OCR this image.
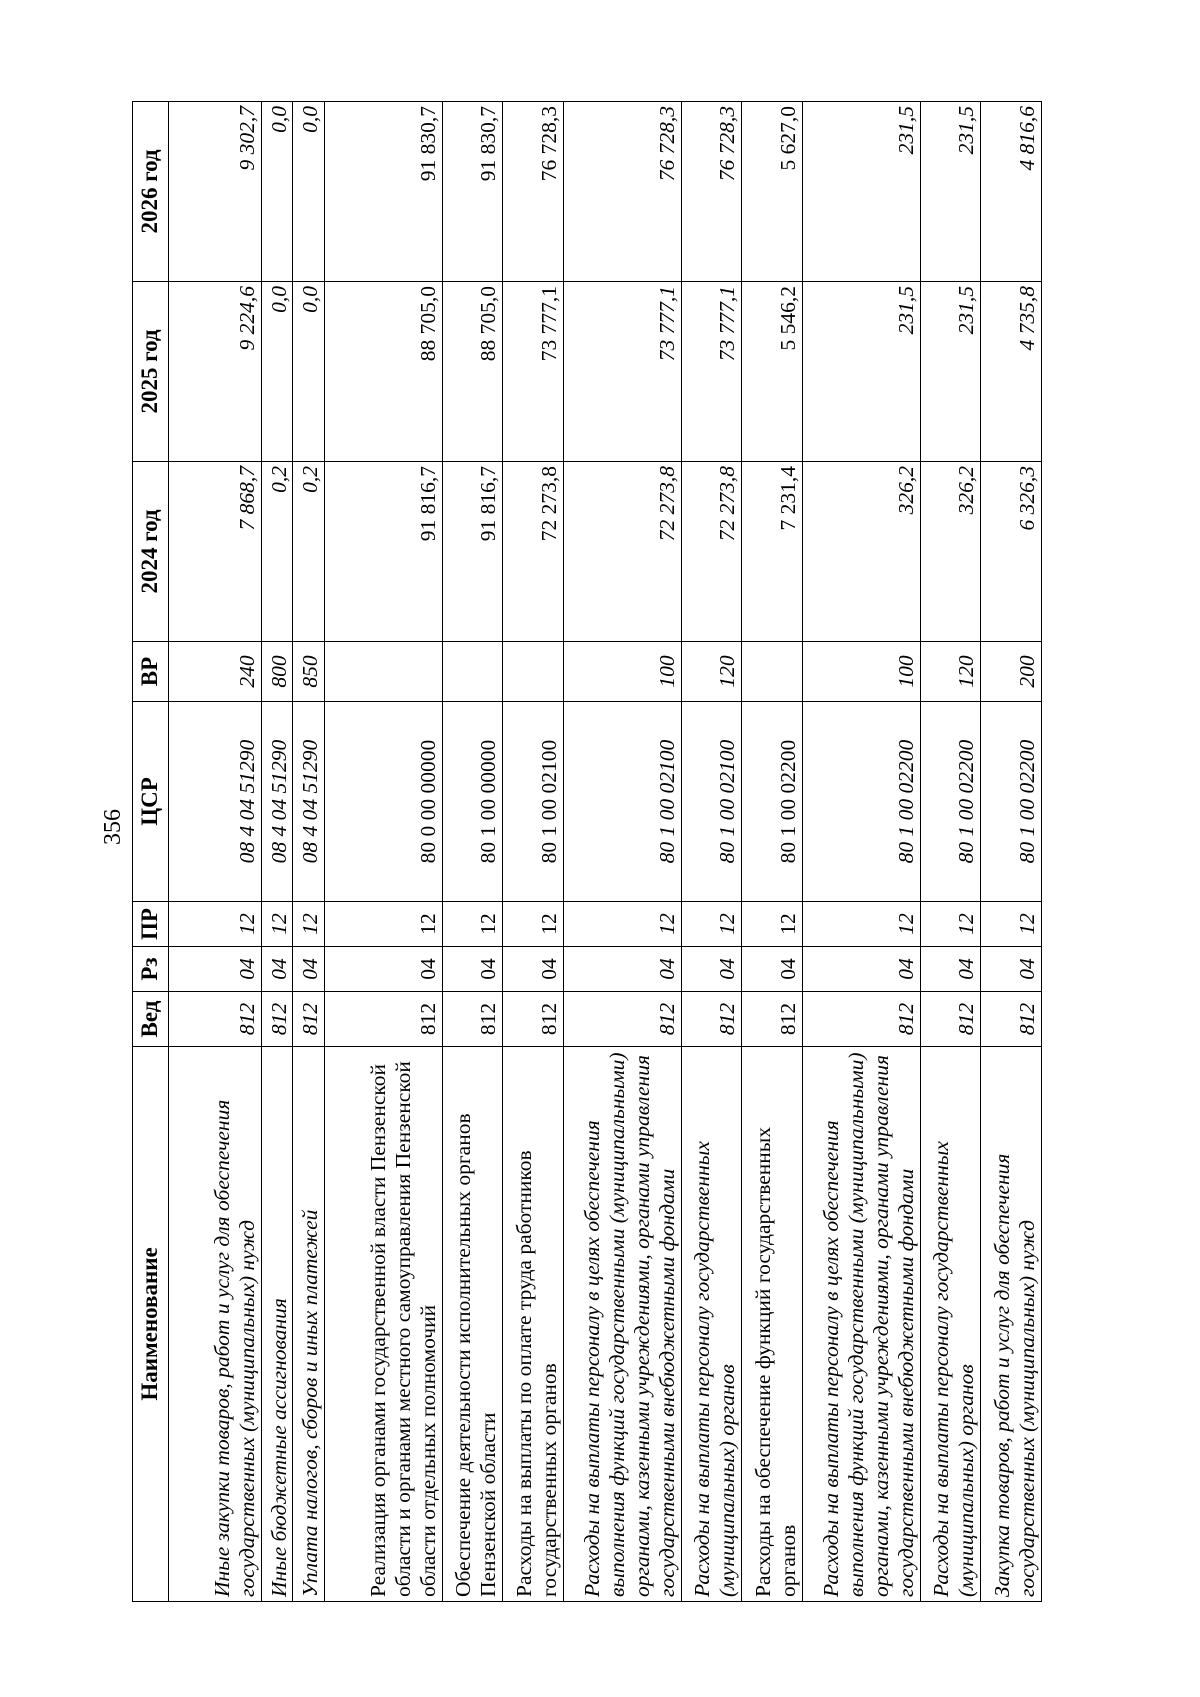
356
Наименование	Вед	Рз	ПР	ЦСР	ВР	2024 год	2025 год	2026 год
Иные закупки товаров, работ и услуг для обеспечения государственных (муниципальных) нужд	812	04	12	08 4 04 51290	240	7 868,7	9 224,6	9 302,7
Иные бюджетные ассигнования	812	04	12	08 4 04 51290	800	0,2	0,0	0,0
Уплата налогов, сборов и иных платежей	812	04	12	08 4 04 51290	850	0,2	0,0	0,0
Реализация органами государственной власти Пензенской области и органами местного самоуправления Пензенской области отдельных полномочий	812	04	12	80 0 00 00000		91 816,7	88 705,0	91 830,7
Обеспечение деятельности исполнительных органов Пензенской области	812	04	12	80 1 00 00000		91 816,7	88 705,0	91 830,7
Расходы на выплаты по оплате труда работников государственных органов	812	04	12	80 1 00 02100		72 273,8	73 777,1	76 728,3
Расходы на выплаты персоналу в целях обеспечения выполнения функций государственными (муниципальными) органами, казенными учреждениями, органами управления государственными внебюджетными фондами	812	04	12	80 1 00 02100	100	72 273,8	73 777,1	76 728,3
Расходы на выплаты персоналу государственных (муниципальных) органов	812	04	12	80 1 00 02100	120	72 273,8	73 777,1	76 728,3
Расходы на обеспечение функций государственных органов	812	04	12	80 1 00 02200		7 231,4	5 546,2	5 627,0
Расходы на выплаты персоналу в целях обеспечения выполнения функций государственными (муниципальными) органами, казенными учреждениями, органами управления государственными внебюджетными фондами	812	04	12	80 1 00 02200	100	326,2	231,5	231,5
Расходы на выплаты персоналу государственных (муниципальных) органов	812	04	12	80 1 00 02200	120	326,2	231,5	231,5
Закупка товаров, работ и услуг для обеспечения государственных (муниципальных) нужд	812	04	12	80 1 00 02200	200	6 326,3	4 735,8	4 816,6
